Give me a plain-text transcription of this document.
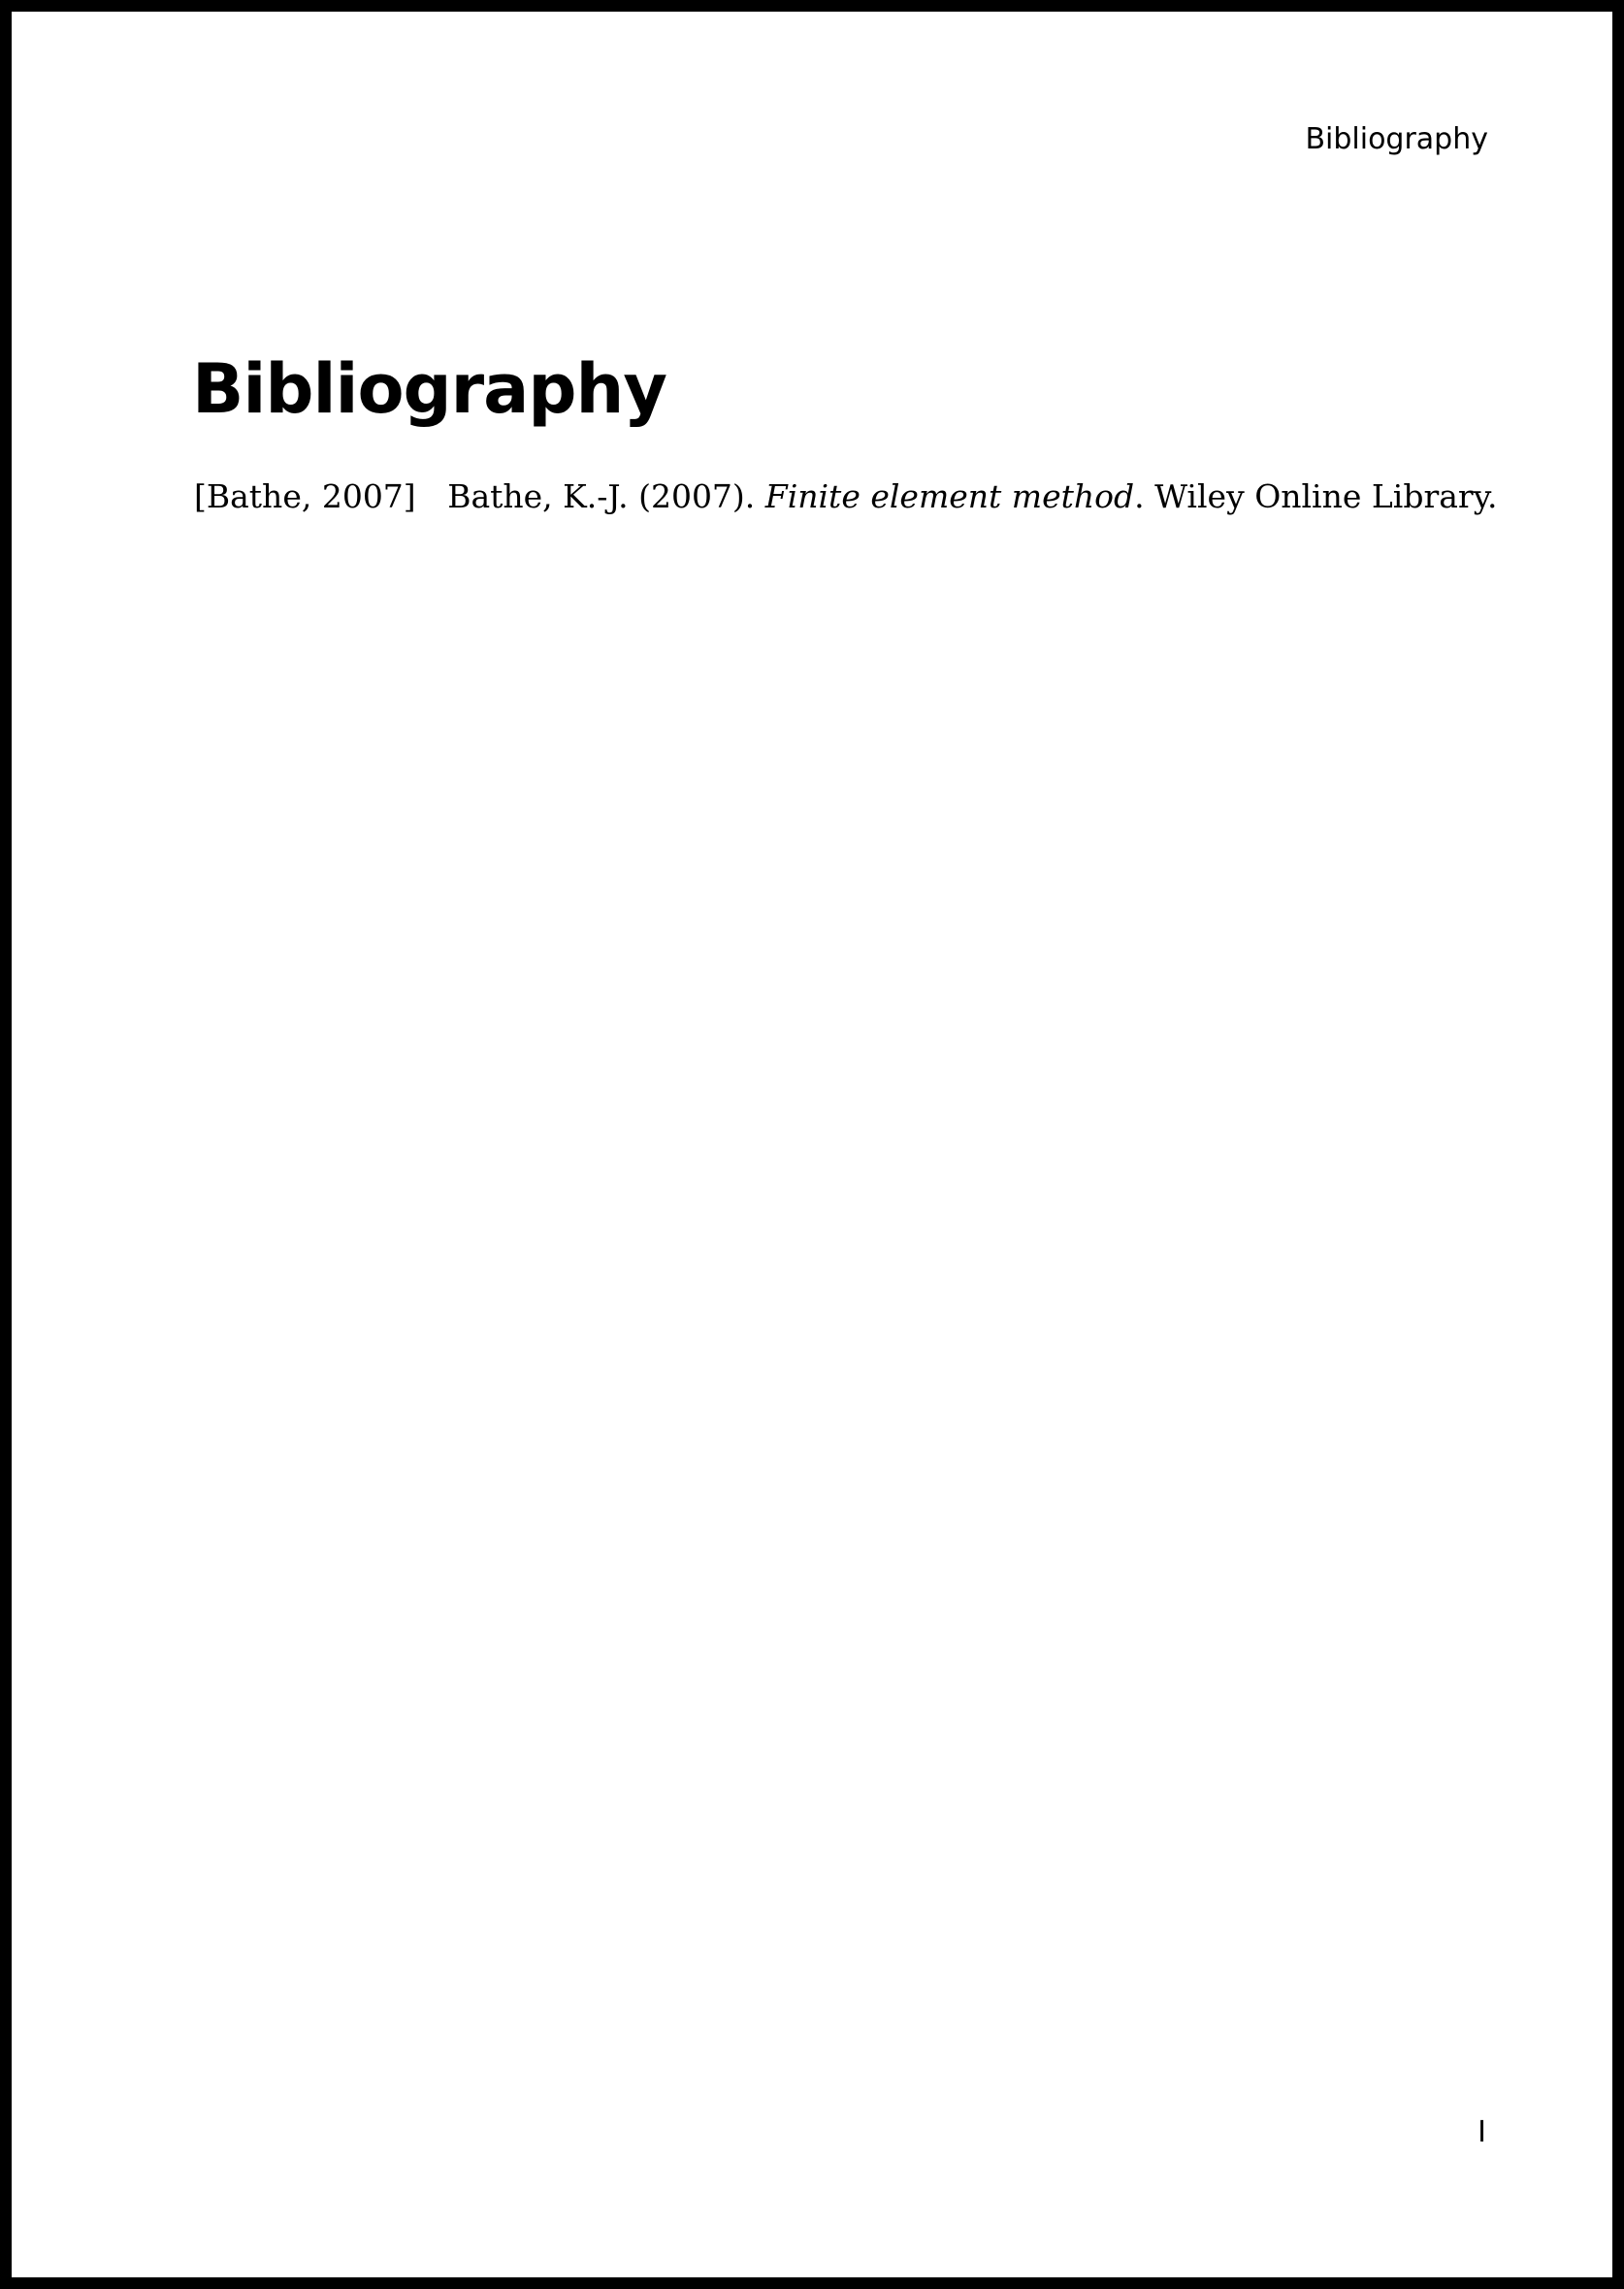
Bibliography
Bibliography
[Bathe, 2007] Bathe, K.-J. (2007). Finite element method. Wiley Online Library.
I
